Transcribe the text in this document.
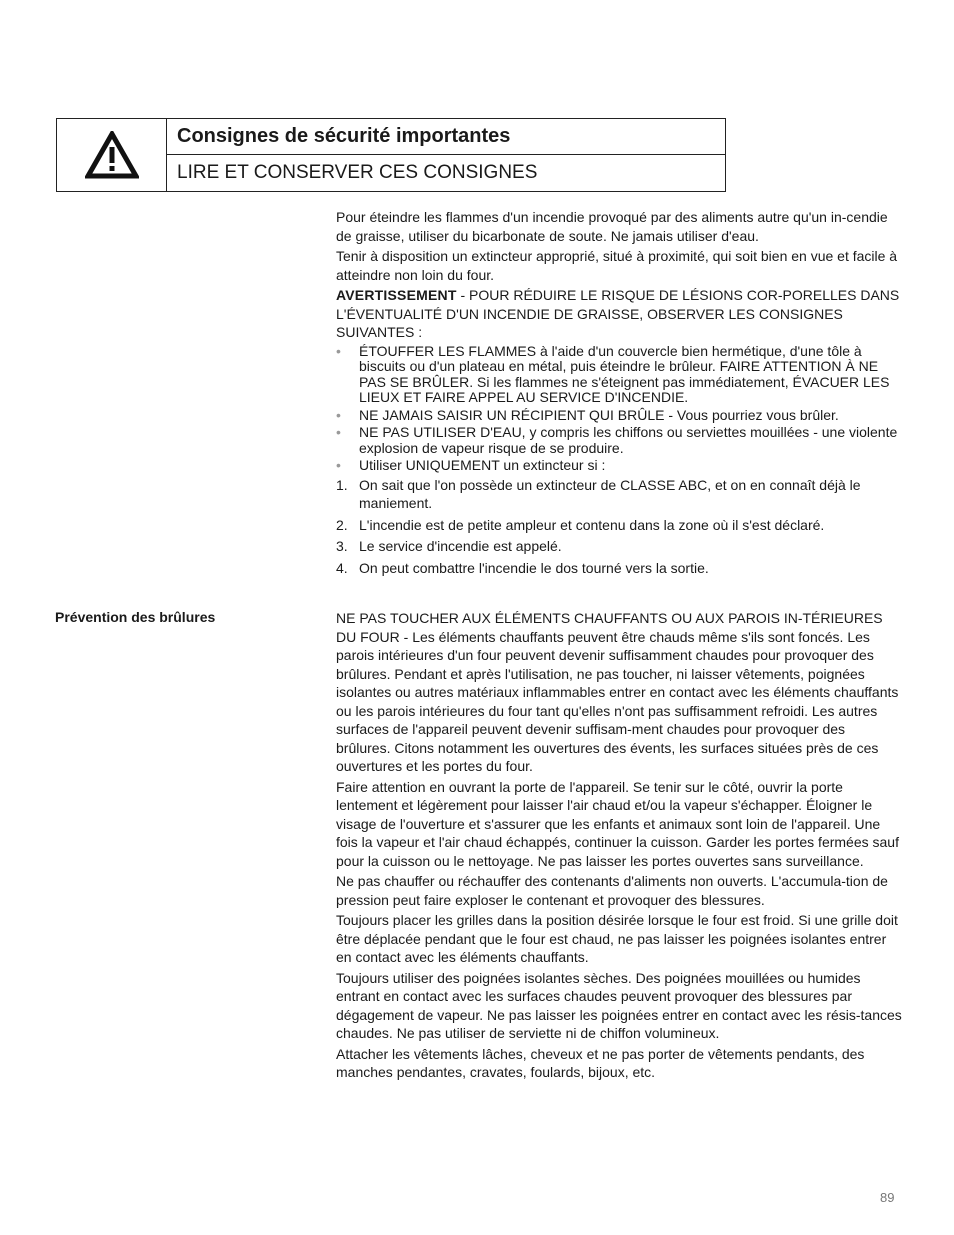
Consignes de sécurité importantes
LIRE ET CONSERVER CES CONSIGNES

Pour éteindre les flammes d'un incendie provoqué par des aliments autre qu'un in-cendie de graisse, utiliser du bicarbonate de soute. Ne jamais utiliser d'eau.

Tenir à disposition un extincteur approprié, situé à proximité, qui soit bien en vue et facile à atteindre non loin du four.

AVERTISSEMENT - POUR RÉDUIRE LE RISQUE DE LÉSIONS COR-PORELLES DANS L'ÉVENTUALITÉ D'UN INCENDIE DE GRAISSE, OBSERVER LES CONSIGNES SUIVANTES :

• ÉTOUFFER LES FLAMMES à l'aide d'un couvercle bien hermétique, d'une tôle à biscuits ou d'un plateau en métal, puis éteindre le brûleur. FAIRE ATTENTION À NE PAS SE BRÛLER. Si les flammes ne s'éteignent pas immédiatement, ÉVACUER LES LIEUX ET FAIRE APPEL AU SERVICE D'INCENDIE.
• NE JAMAIS SAISIR UN RÉCIPIENT QUI BRÛLE - Vous pourriez vous brûler.
• NE PAS UTILISER D'EAU, y compris les chiffons ou serviettes mouillées - une violente explosion de vapeur risque de se produire.
• Utiliser UNIQUEMENT un extincteur si :
1. On sait que l'on possède un extincteur de CLASSE ABC, et on en connaît déjà le maniement.
2. L'incendie est de petite ampleur et contenu dans la zone où il s'est déclaré.
3. Le service d'incendie est appelé.
4. On peut combattre l'incendie le dos tourné vers la sortie.
Prévention des brûlures	NE PAS TOUCHER AUX ÉLÉMENTS CHAUFFANTS OU AUX PAROIS IN-TÉRIEURES DU FOUR - Les éléments chauffants peuvent être chauds même s'ils sont foncés. Les parois intérieures d'un four peuvent devenir suffisamment chaudes pour provoquer des brûlures. Pendant et après l'utilisation, ne pas toucher, ni laisser vêtements, poignées isolantes ou autres matériaux inflammables entrer en contact avec les éléments chauffants ou les parois intérieures du four tant qu'elles n'ont pas suffisamment refroidi. Les autres surfaces de l'appareil peuvent devenir suffisam-ment chaudes pour provoquer des brûlures. Citons notamment les ouvertures des évents, les surfaces situées près de ces ouvertures et les portes du four.

Faire attention en ouvrant la porte de l'appareil. Se tenir sur le côté, ouvrir la porte lentement et légèrement pour laisser l'air chaud et/ou la vapeur s'échapper. Éloigner le visage de l'ouverture et s'assurer que les enfants et animaux sont loin de l'appareil. Une fois la vapeur et l'air chaud échappés, continuer la cuisson. Garder les portes fermées sauf pour la cuisson ou le nettoyage. Ne pas laisser les portes ouvertes sans surveillance.

Ne pas chauffer ou réchauffer des contenants d'aliments non ouverts. L'accumula-tion de pression peut faire exploser le contenant et provoquer des blessures.

Toujours placer les grilles dans la position désirée lorsque le four est froid. Si une grille doit être déplacée pendant que le four est chaud, ne pas laisser les poignées isolantes entrer en contact avec les éléments chauffants.

Toujours utiliser des poignées isolantes sèches. Des poignées mouillées ou humides entrant en contact avec les surfaces chaudes peuvent provoquer des blessures par dégagement de vapeur. Ne pas laisser les poignées entrer en contact avec les résis-tances chaudes. Ne pas utiliser de serviette ni de chiffon volumineux.

Attacher les vêtements lâches, cheveux et ne pas porter de vêtements pendants, des manches pendantes, cravates, foulards, bijoux, etc.

89
